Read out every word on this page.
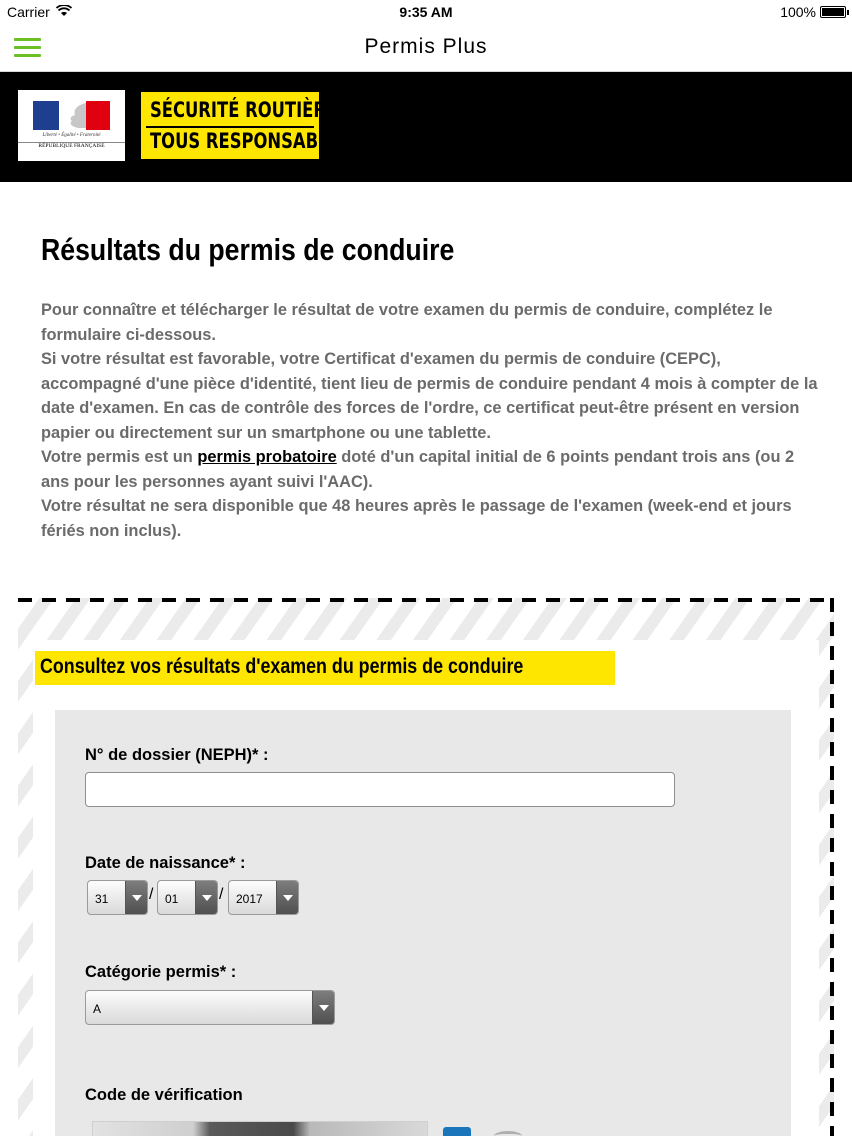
Carrier	9:35 AM	100%
Permis Plus
Liberté • Égalité • Fraternité
RÉPUBLIQUE FRANÇAISE
SÉCURITÉ ROUTIÈRE
TOUS RESPONSABLES
Résultats du permis de conduire

Pour connaître et télécharger le résultat de votre examen du permis de conduire, complétez le formulaire ci-dessous.

Si votre résultat est favorable, votre Certificat d'examen du permis de conduire (CEPC), accompagné d'une pièce d'identité, tient lieu de permis de conduire pendant 4 mois à compter de la date d'examen. En cas de contrôle des forces de l'ordre, ce certificat peut-être présent en version papier ou directement sur un smartphone ou une tablette.

Votre permis est un permis probatoire doté d'un capital initial de 6 points pendant trois ans (ou 2 ans pour les personnes ayant suivi l'AAC).

Votre résultat ne sera disponible que 48 heures après le passage de l'examen (week-end et jours fériés non inclus).

Consultez vos résultats d'examen du permis de conduire
N° de dossier (NEPH)* :
Date de naissance* :
31	/ 01	/ 2017
Catégorie permis* :
A
Code de vérification
